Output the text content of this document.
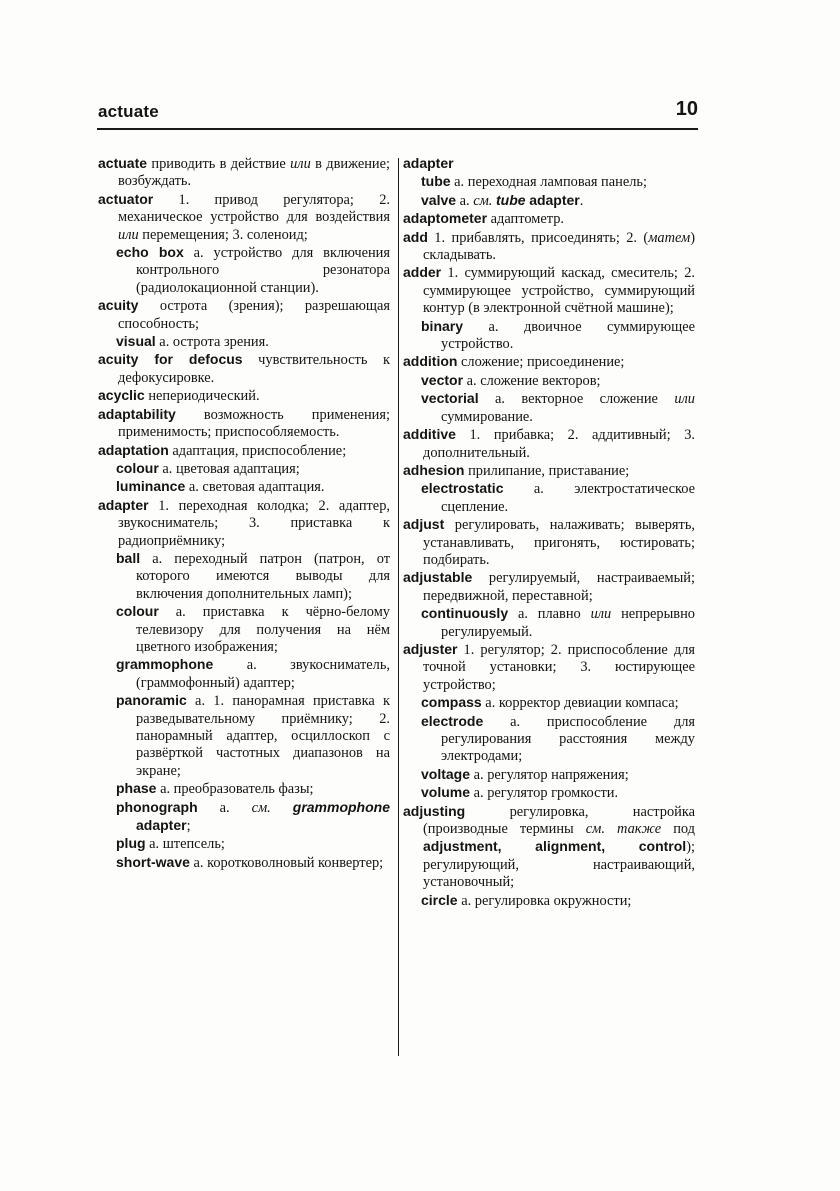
actuate	10
actuate приводить в действие или в движение; возбуждать.
actuator 1. привод регулятора; 2. механическое устройство для воздействия или перемещения; 3. соленоид;
echo box a. устройство для включения контрольного резонатора (радиолокационной станции).
acuity острота (зрения); разрешающая способность;
visual a. острота зрения.
acuity for defocus чувствительность к дефокусировке.
acyclic непериодический.
adaptability возможность применения; применимость; приспособляемость.
adaptation адаптация, приспособление;
colour a. цветовая адаптация;
luminance a. световая адаптация.
adapter 1. переходная колодка; 2. адаптер, звукосниматель; 3. приставка к радиоприёмнику;
ball a. переходный патрон (патрон, от которого имеются выводы для включения дополнительных ламп);
colour a. приставка к чёрно-белому телевизору для получения на нём цветного изображения;
grammophone a. звукосниматель, (граммофонный) адаптер;
panoramic a. 1. панорамная приставка к разведывательному приёмнику; 2. панорамный адаптер, осциллоскоп с развёрткой частотных диапазонов на экране;
phase a. преобразователь фазы;
phonograph a. см. grammophone adapter;
plug a. штепсель;
short-wave a. коротковолновый конвертер;
adapter
tube a. переходная ламповая панель;
valve a. см. tube adapter.
adaptometer адаптометр.
add 1. прибавлять, присоединять; 2. (матем) складывать.
adder 1. суммирующий каскад, смеситель; 2. суммирующее устройство, суммирующий контур (в электронной счётной машине);
binary a. двоичное суммирующее устройство.
addition сложение; присоединение;
vector a. сложение векторов;
vectorial a. векторное сложение или суммирование.
additive 1. прибавка; 2. аддитивный; 3. дополнительный.
adhesion прилипание, приставание;
electrostatic a. электростатическое сцепление.
adjust регулировать, налаживать; выверять, устанавливать, пригонять, юстировать; подбирать.
adjustable регулируемый, настраиваемый; передвижной, переставной;
continuously a. плавно или непрерывно регулируемый.
adjuster 1. регулятор; 2. приспособление для точной установки; 3. юстирующее устройство;
compass a. корректор девиации компаса;
electrode a. приспособление для регулирования расстояния между электродами;
voltage a. регулятор напряжения;
volume a. регулятор громкости.
adjusting регулировка, настройка (производные термины см. также под adjustment, alignment, control); регулирующий, настраивающий, установочный;
circle a. регулировка окружности;
